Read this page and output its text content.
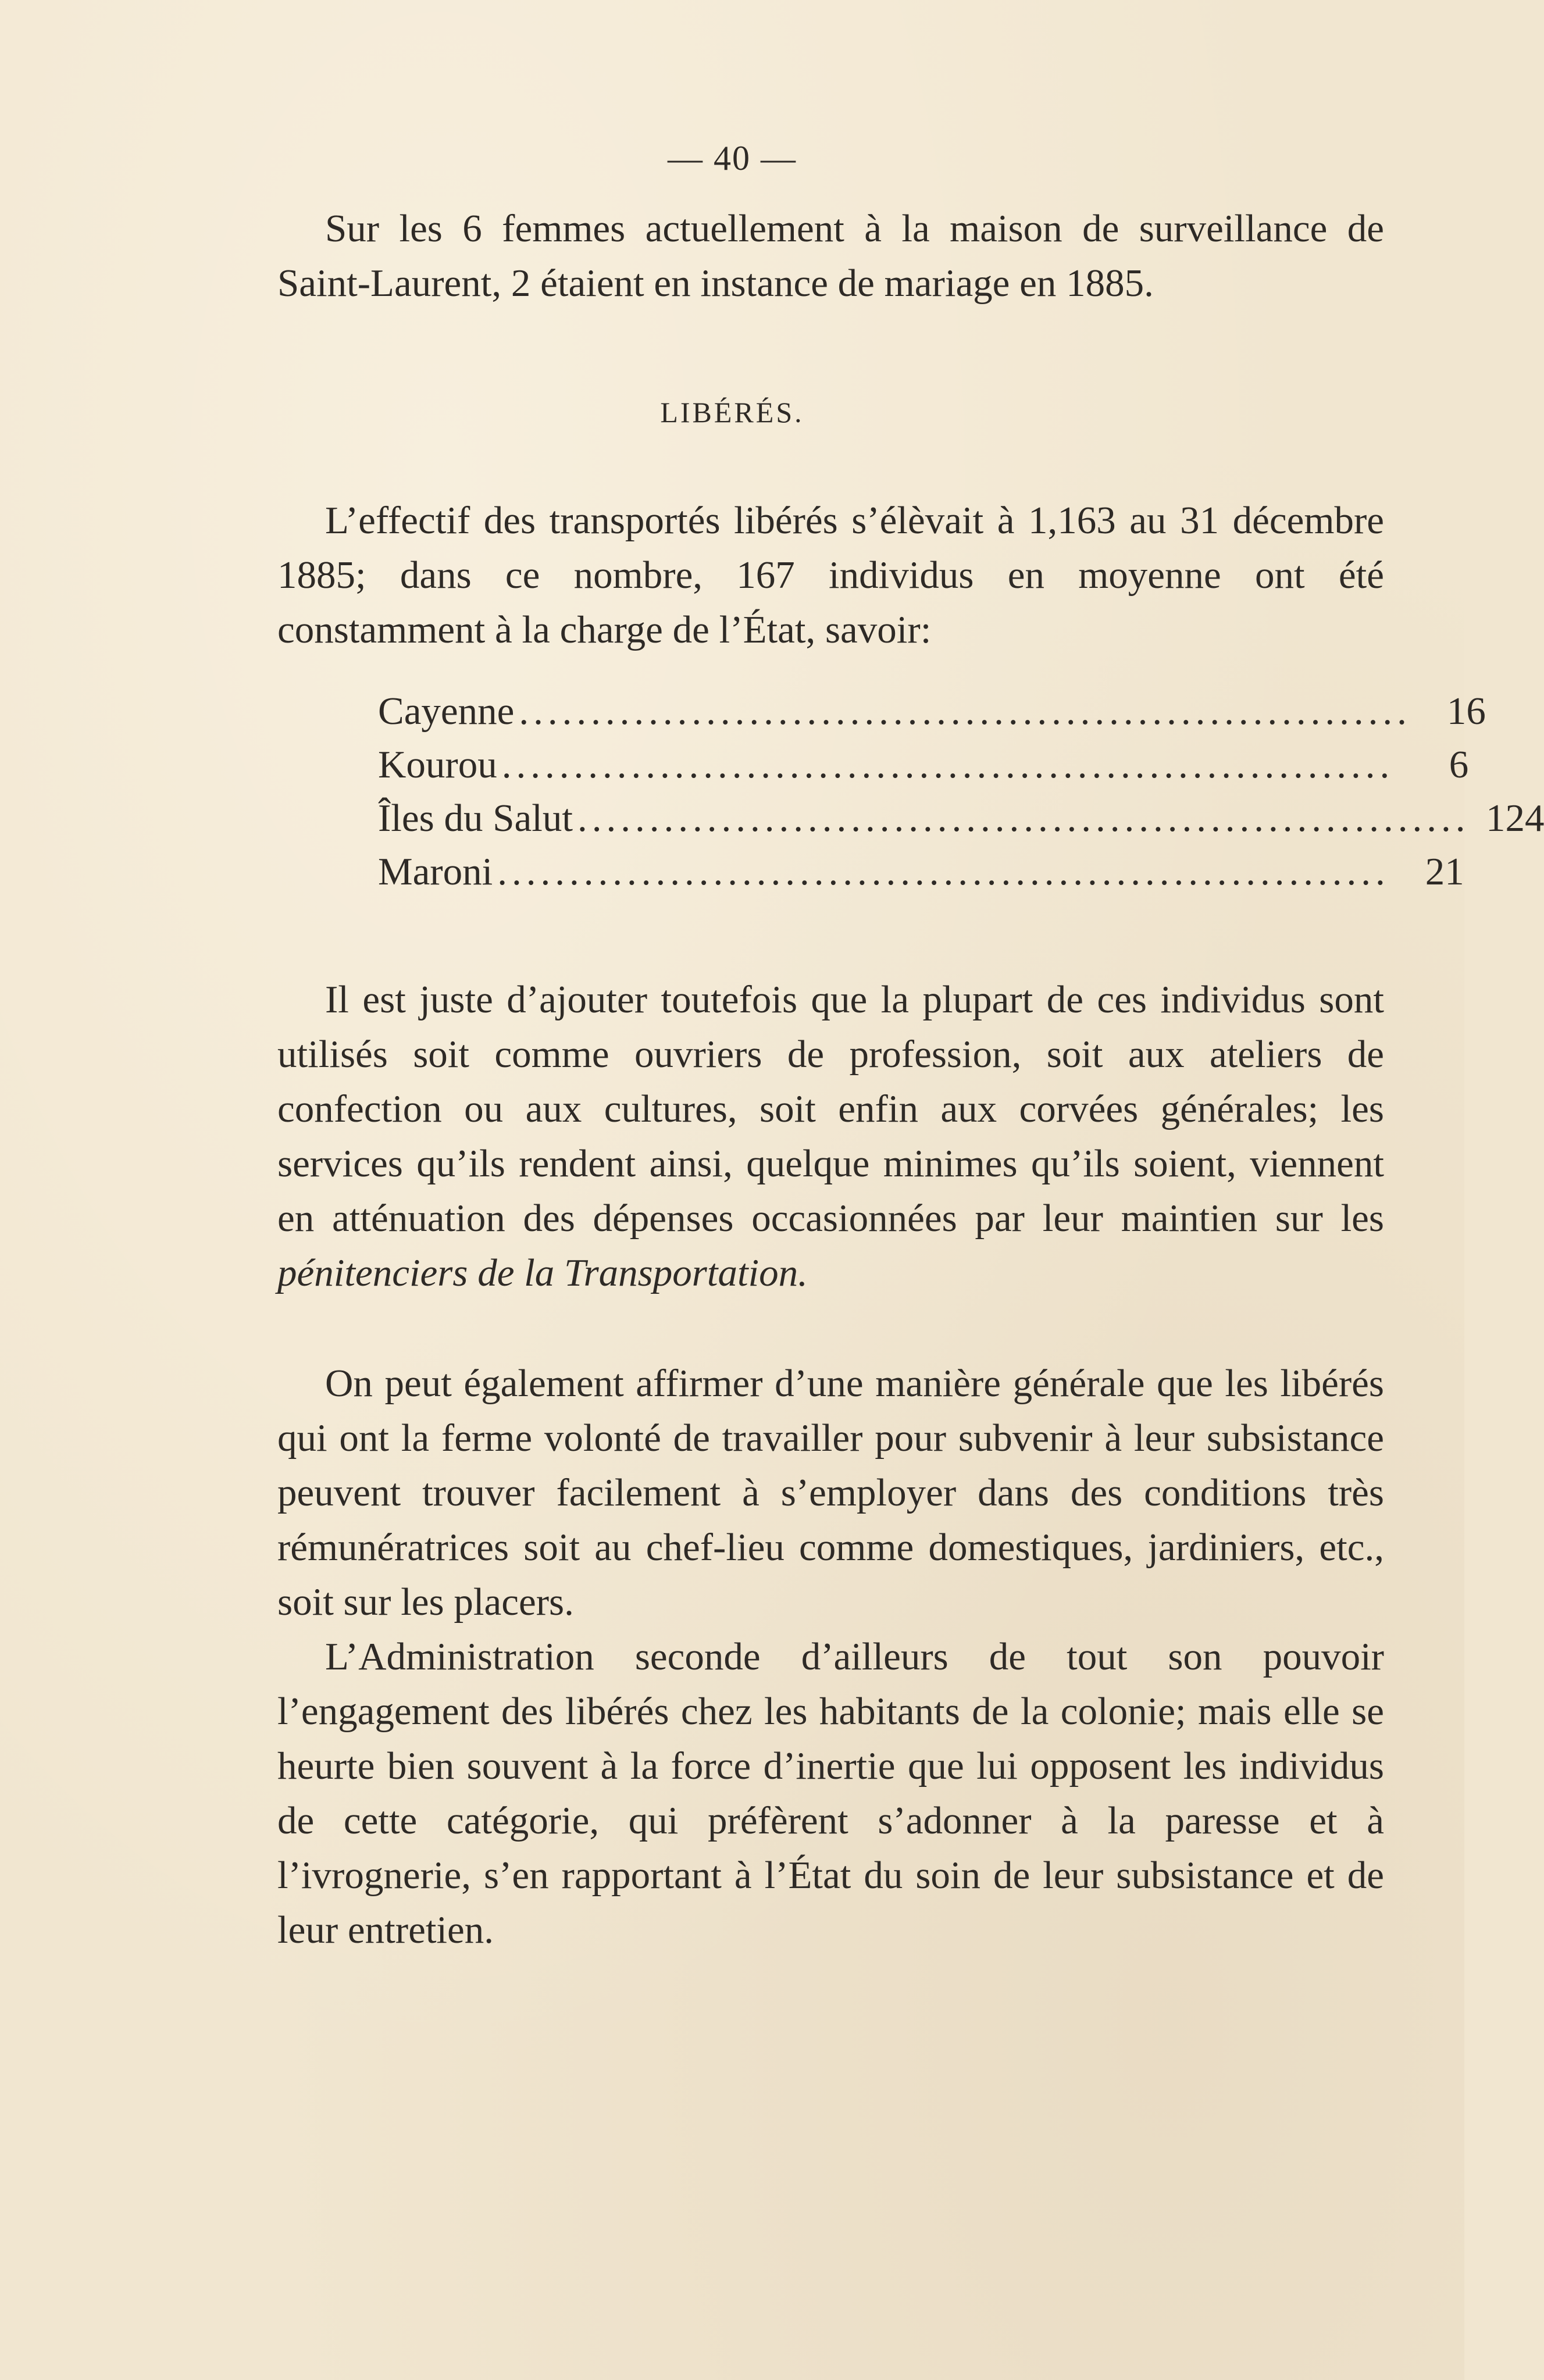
— 40 —

Sur les 6 femmes actuellement à la maison de surveillance de Saint-Laurent, 2 étaient en instance de mariage en 1885.

LIBÉRÉS.

L’effectif des transportés libérés s’élèvait à 1,163 au 31 décembre 1885; dans ce nombre, 167 individus en moyenne ont été constamment à la charge de l’État, savoir:

Cayenne .............................................................. 16
Kourou ..............................................................	6
Îles du Salut .............................................................. 124
Maroni .............................................................. 21

Il est juste d’ajouter toutefois que la plupart de ces individus sont utilisés soit comme ouvriers de profession, soit aux ateliers de confection ou aux cultures, soit enfin aux corvées générales; les services qu’ils rendent ainsi, quelque minimes qu’ils soient, viennent en atténuation des dépenses occasionnées par leur maintien sur les pénitenciers de la Transportation.

On peut également affirmer d’une manière générale que les libérés qui ont la ferme volonté de travailler pour subvenir à leur subsistance peuvent trouver facilement à s’employer dans des conditions très rémunératrices soit au chef-lieu comme domestiques, jardiniers, etc., soit sur les placers.

L’Administration seconde d’ailleurs de tout son pouvoir l’engagement des libérés chez les habitants de la colonie; mais elle se heurte bien souvent à la force d’inertie que lui opposent les individus de cette catégorie, qui préfèrent s’adonner à la paresse et à l’ivrognerie, s’en rapportant à l’État du soin de leur subsistance et de leur entretien.
